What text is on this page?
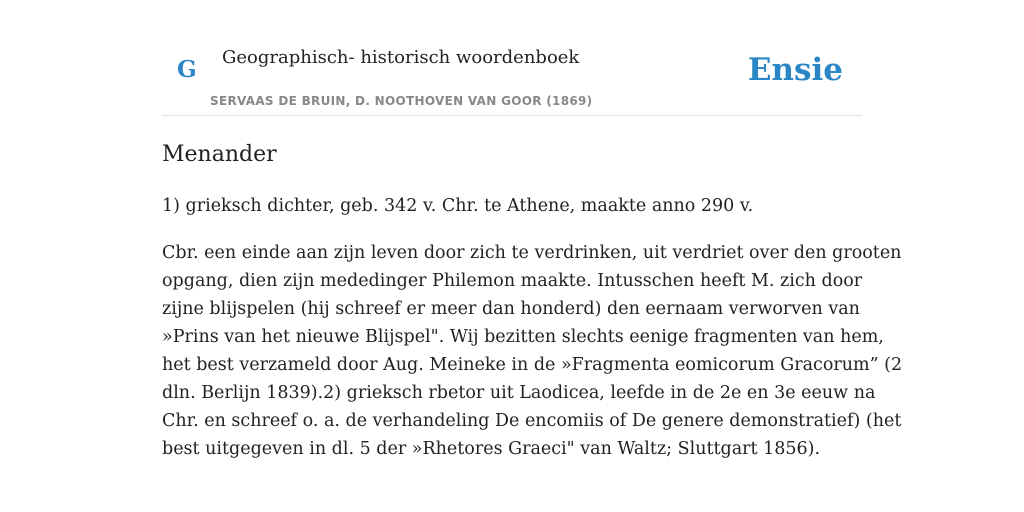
G Geographisch- historisch woordenboek
SERVAAS DE BRUIN, D. NOOTHOVEN VAN GOOR (1869)
Ensie
Menander

1) grieksch dichter, geb. 342 v. Chr. te Athene, maakte anno 290 v.

Cbr. een einde aan zijn leven door zich te verdrinken, uit verdriet over den grooten
opgang, dien zijn mededinger Philemon maakte. Intusschen heeft M. zich door
zijne blijspelen (hij schreef er meer dan honderd) den eernaam verworven van
»Prins van het nieuwe Blijspel". Wij bezitten slechts eenige fragmenten van hem,
het best verzameld door Aug. Meineke in de »Fragmenta eomicorum Gracorum” (2
dln. Berlijn 1839).2) grieksch rbetor uit Laodicea, leefde in de 2e en 3e eeuw na
Chr. en schreef o. a. de verhandeling De encomiis of De genere demonstratief) (het
best uitgegeven in dl. 5 der »Rhetores Graeci" van Waltz; Sluttgart 1856).
